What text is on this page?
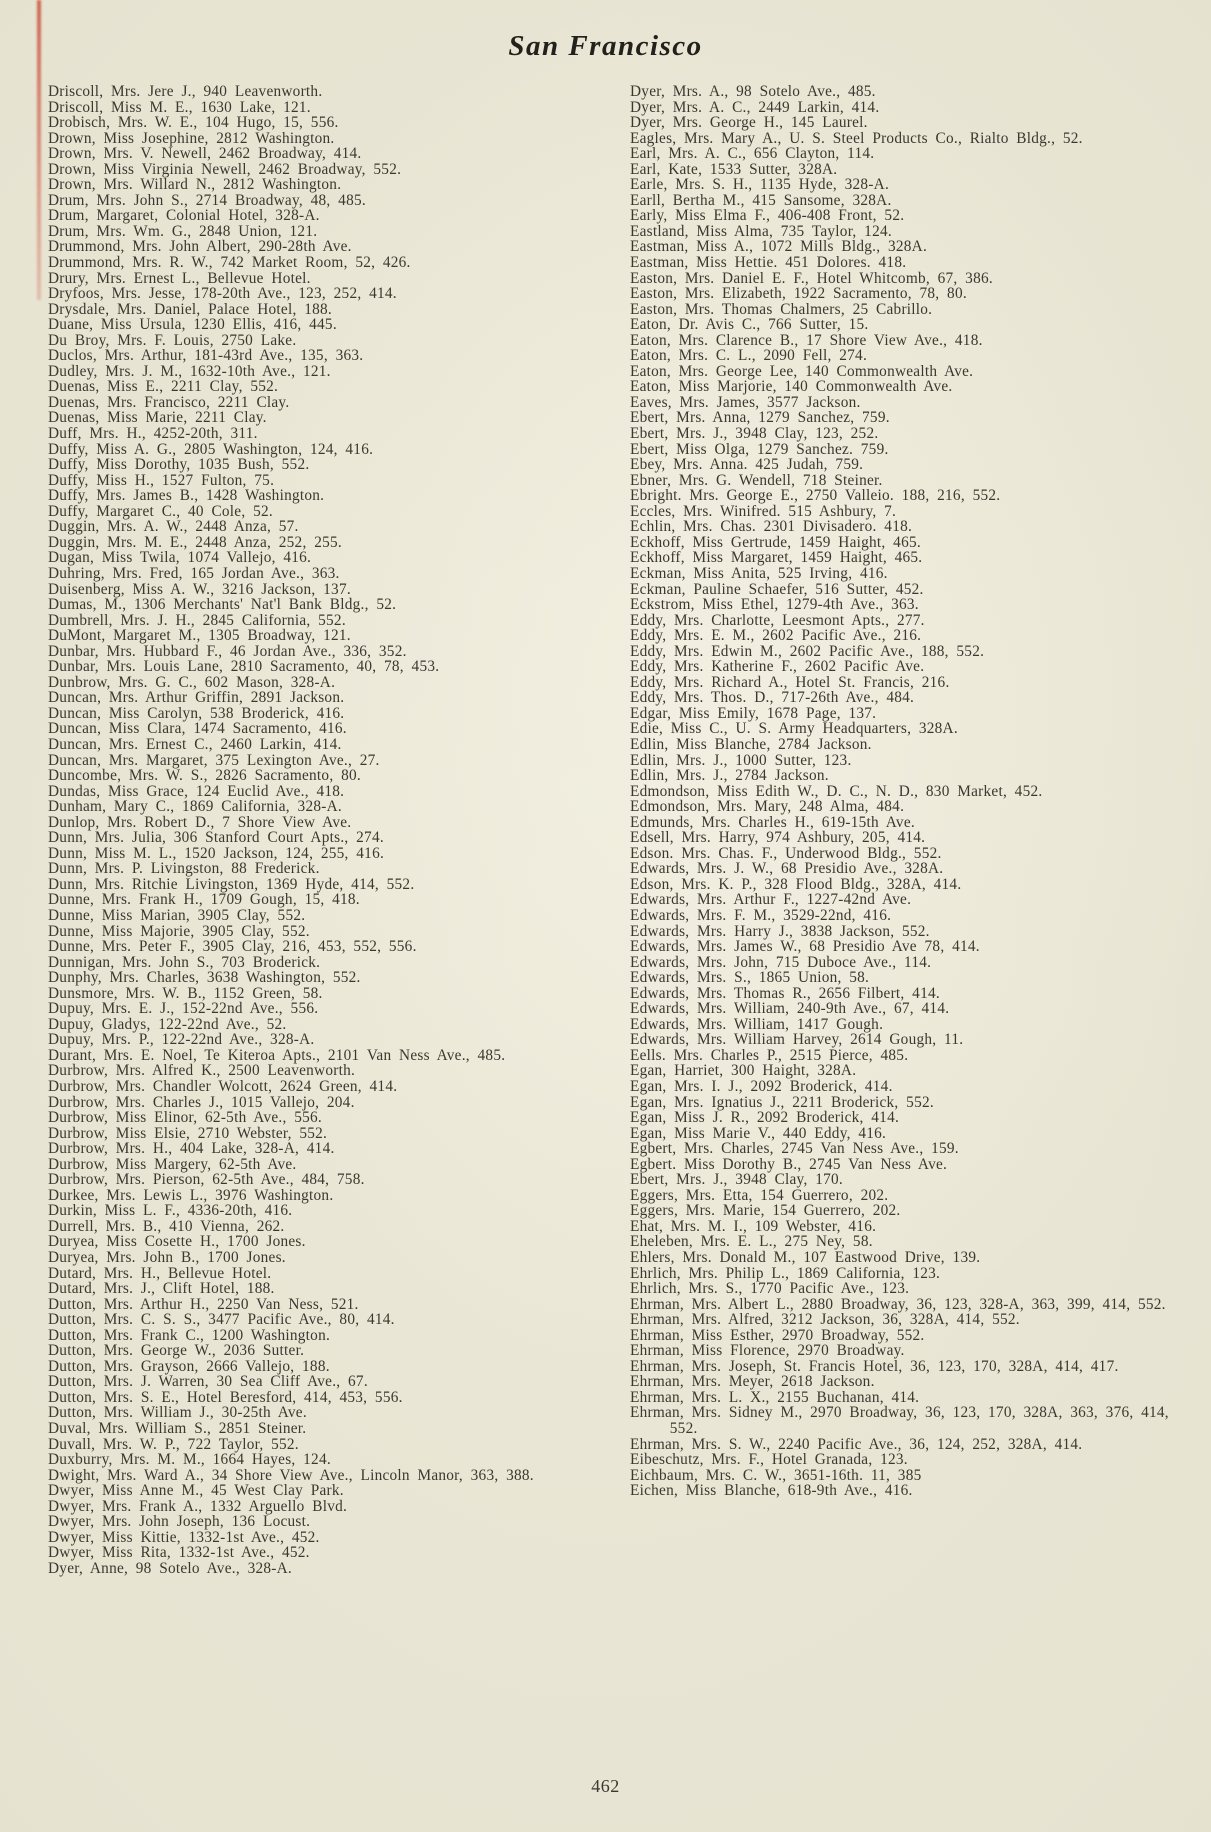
San Francisco

Driscoll, Mrs. Jere J., 940 Leavenworth.

Driscoll, Miss M. E., 1630 Lake, 121.

Drobisch, Mrs. W. E., 104 Hugo, 15, 556.

Drown, Miss Josephine, 2812 Washington.

Drown, Mrs. V. Newell, 2462 Broadway, 414.

Drown, Miss Virginia Newell, 2462 Broadway, 552.

Drown, Mrs. Willard N., 2812 Washington.

Drum, Mrs. John S., 2714 Broadway, 48, 485.

Drum, Margaret, Colonial Hotel, 328-A.

Drum, Mrs. Wm. G., 2848 Union, 121.

Drummond, Mrs. John Albert, 290-28th Ave.

Drummond, Mrs. R. W., 742 Market Room, 52, 426.

Drury, Mrs. Ernest L., Bellevue Hotel.

Dryfoos, Mrs. Jesse, 178-20th Ave., 123, 252, 414.

Drysdale, Mrs. Daniel, Palace Hotel, 188.

Duane, Miss Ursula, 1230 Ellis, 416, 445.

Du Broy, Mrs. F. Louis, 2750 Lake.

Duclos, Mrs. Arthur, 181-43rd Ave., 135, 363.

Dudley, Mrs. J. M., 1632-10th Ave., 121.

Duenas, Miss E., 2211 Clay, 552.

Duenas, Mrs. Francisco, 2211 Clay.

Duenas, Miss Marie, 2211 Clay.

Duff, Mrs. H., 4252-20th, 311.

Duffy, Miss A. G., 2805 Washington, 124, 416.

Duffy, Miss Dorothy, 1035 Bush, 552.

Duffy, Miss H., 1527 Fulton, 75.

Duffy, Mrs. James B., 1428 Washington.

Duffy, Margaret C., 40 Cole, 52.

Duggin, Mrs. A. W., 2448 Anza, 57.

Duggin, Mrs. M. E., 2448 Anza, 252, 255.

Dugan, Miss Twila, 1074 Vallejo, 416.

Duhring, Mrs. Fred, 165 Jordan Ave., 363.

Duisenberg, Miss A. W., 3216 Jackson, 137.

Dumas, M., 1306 Merchants' Nat'l Bank Bldg., 52.

Dumbrell, Mrs. J. H., 2845 California, 552.

DuMont, Margaret M., 1305 Broadway, 121.

Dunbar, Mrs. Hubbard F., 46 Jordan Ave., 336, 352.

Dunbar, Mrs. Louis Lane, 2810 Sacramento, 40, 78, 453.

Dunbrow, Mrs. G. C., 602 Mason, 328-A.

Duncan, Mrs. Arthur Griffin, 2891 Jackson.

Duncan, Miss Carolyn, 538 Broderick, 416.

Duncan, Miss Clara, 1474 Sacramento, 416.

Duncan, Mrs. Ernest C., 2460 Larkin, 414.

Duncan, Mrs. Margaret, 375 Lexington Ave., 27.

Duncombe, Mrs. W. S., 2826 Sacramento, 80.

Dundas, Miss Grace, 124 Euclid Ave., 418.

Dunham, Mary C., 1869 California, 328-A.

Dunlop, Mrs. Robert D., 7 Shore View Ave.

Dunn, Mrs. Julia, 306 Stanford Court Apts., 274.

Dunn, Miss M. L., 1520 Jackson, 124, 255, 416.

Dunn, Mrs. P. Livingston, 88 Frederick.

Dunn, Mrs. Ritchie Livingston, 1369 Hyde, 414, 552.

Dunne, Mrs. Frank H., 1709 Gough, 15, 418.

Dunne, Miss Marian, 3905 Clay, 552.

Dunne, Miss Majorie, 3905 Clay, 552.

Dunne, Mrs. Peter F., 3905 Clay, 216, 453, 552, 556.

Dunnigan, Mrs. John S., 703 Broderick.

Dunphy, Mrs. Charles, 3638 Washington, 552.

Dunsmore, Mrs. W. B., 1152 Green, 58.

Dupuy, Mrs. E. J., 152-22nd Ave., 556.

Dupuy, Gladys, 122-22nd Ave., 52.

Dupuy, Mrs. P., 122-22nd Ave., 328-A.

Durant, Mrs. E. Noel, Te Kiteroa Apts., 2101 Van Ness Ave., 485.

Durbrow, Mrs. Alfred K., 2500 Leavenworth.

Durbrow, Mrs. Chandler Wolcott, 2624 Green, 414.

Durbrow, Mrs. Charles J., 1015 Vallejo, 204.

Durbrow, Miss Elinor, 62-5th Ave., 556.

Durbrow, Miss Elsie, 2710 Webster, 552.

Durbrow, Mrs. H., 404 Lake, 328-A, 414.

Durbrow, Miss Margery, 62-5th Ave.

Durbrow, Mrs. Pierson, 62-5th Ave., 484, 758.

Durkee, Mrs. Lewis L., 3976 Washington.

Durkin, Miss L. F., 4336-20th, 416.

Durrell, Mrs. B., 410 Vienna, 262.

Duryea, Miss Cosette H., 1700 Jones.

Duryea, Mrs. John B., 1700 Jones.

Dutard, Mrs. H., Bellevue Hotel.

Dutard, Mrs. J., Clift Hotel, 188.

Dutton, Mrs. Arthur H., 2250 Van Ness, 521.

Dutton, Mrs. C. S. S., 3477 Pacific Ave., 80, 414.

Dutton, Mrs. Frank C., 1200 Washington.

Dutton, Mrs. George W., 2036 Sutter.

Dutton, Mrs. Grayson, 2666 Vallejo, 188.

Dutton, Mrs. J. Warren, 30 Sea Cliff Ave., 67.

Dutton, Mrs. S. E., Hotel Beresford, 414, 453, 556.

Dutton, Mrs. William J., 30-25th Ave.

Duval, Mrs. William S., 2851 Steiner.

Duvall, Mrs. W. P., 722 Taylor, 552.

Duxburry, Mrs. M. M., 1664 Hayes, 124.

Dwight, Mrs. Ward A., 34 Shore View Ave., Lincoln Manor, 363, 388.

Dwyer, Miss Anne M., 45 West Clay Park.

Dwyer, Mrs. Frank A., 1332 Arguello Blvd.

Dwyer, Mrs. John Joseph, 136 Locust.

Dwyer, Miss Kittie, 1332-1st Ave., 452.

Dwyer, Miss Rita, 1332-1st Ave., 452.

Dyer, Anne, 98 Sotelo Ave., 328-A.

Dyer, Mrs. A., 98 Sotelo Ave., 485.

Dyer, Mrs. A. C., 2449 Larkin, 414.

Dyer, Mrs. George H., 145 Laurel.

Eagles, Mrs. Mary A., U. S. Steel Products Co., Rialto Bldg., 52.

Earl, Mrs. A. C., 656 Clayton, 114.

Earl, Kate, 1533 Sutter, 328A.

Earle, Mrs. S. H., 1135 Hyde, 328-A.

Earll, Bertha M., 415 Sansome, 328A.

Early, Miss Elma F., 406-408 Front, 52.

Eastland, Miss Alma, 735 Taylor, 124.

Eastman, Miss A., 1072 Mills Bldg., 328A.

Eastman, Miss Hettie. 451 Dolores. 418.

Easton, Mrs. Daniel E. F., Hotel Whitcomb, 67, 386.

Easton, Mrs. Elizabeth, 1922 Sacramento, 78, 80.

Easton, Mrs. Thomas Chalmers, 25 Cabrillo.

Eaton, Dr. Avis C., 766 Sutter, 15.

Eaton, Mrs. Clarence B., 17 Shore View Ave., 418.

Eaton, Mrs. C. L., 2090 Fell, 274.

Eaton, Mrs. George Lee, 140 Commonwealth Ave.

Eaton, Miss Marjorie, 140 Commonwealth Ave.

Eaves, Mrs. James, 3577 Jackson.

Ebert, Mrs. Anna, 1279 Sanchez, 759.

Ebert, Mrs. J., 3948 Clay, 123, 252.

Ebert, Miss Olga, 1279 Sanchez. 759.

Ebey, Mrs. Anna. 425 Judah, 759.

Ebner, Mrs. G. Wendell, 718 Steiner.

Ebright. Mrs. George E., 2750 Valleio. 188, 216, 552.

Eccles, Mrs. Winifred. 515 Ashbury, 7.

Echlin, Mrs. Chas. 2301 Divisadero. 418.

Eckhoff, Miss Gertrude, 1459 Haight, 465.

Eckhoff, Miss Margaret, 1459 Haight, 465.

Eckman, Miss Anita, 525 Irving, 416.

Eckman, Pauline Schaefer, 516 Sutter, 452.

Eckstrom, Miss Ethel, 1279-4th Ave., 363.

Eddy, Mrs. Charlotte, Leesmont Apts., 277.

Eddy, Mrs. E. M., 2602 Pacific Ave., 216.

Eddy, Mrs. Edwin M., 2602 Pacific Ave., 188, 552.

Eddy, Mrs. Katherine F., 2602 Pacific Ave.

Eddy, Mrs. Richard A., Hotel St. Francis, 216.

Eddy, Mrs. Thos. D., 717-26th Ave., 484.

Edgar, Miss Emily, 1678 Page, 137.

Edie, Miss C., U. S. Army Headquarters, 328A.

Edlin, Miss Blanche, 2784 Jackson.

Edlin, Mrs. J., 1000 Sutter, 123.

Edlin, Mrs. J., 2784 Jackson.

Edmondson, Miss Edith W., D. C., N. D., 830 Market, 452.

Edmondson, Mrs. Mary, 248 Alma, 484.

Edmunds, Mrs. Charles H., 619-15th Ave.

Edsell, Mrs. Harry, 974 Ashbury, 205, 414.

Edson. Mrs. Chas. F., Underwood Bldg., 552.

Edwards, Mrs. J. W., 68 Presidio Ave., 328A.

Edson, Mrs. K. P., 328 Flood Bldg., 328A, 414.

Edwards, Mrs. Arthur F., 1227-42nd Ave.

Edwards, Mrs. F. M., 3529-22nd, 416.

Edwards, Mrs. Harry J., 3838 Jackson, 552.

Edwards, Mrs. James W., 68 Presidio Ave 78, 414.

Edwards, Mrs. John, 715 Duboce Ave., 114.

Edwards, Mrs. S., 1865 Union, 58.

Edwards, Mrs. Thomas R., 2656 Filbert, 414.

Edwards, Mrs. William, 240-9th Ave., 67, 414.

Edwards, Mrs. William, 1417 Gough.

Edwards, Mrs. William Harvey, 2614 Gough, 11.

Eells. Mrs. Charles P., 2515 Pierce, 485.

Egan, Harriet, 300 Haight, 328A.

Egan, Mrs. I. J., 2092 Broderick, 414.

Egan, Mrs. Ignatius J., 2211 Broderick, 552.

Egan, Miss J. R., 2092 Broderick, 414.

Egan, Miss Marie V., 440 Eddy, 416.

Egbert, Mrs. Charles, 2745 Van Ness Ave., 159.

Egbert. Miss Dorothy B., 2745 Van Ness Ave.

Ebert, Mrs. J., 3948 Clay, 170.

Eggers, Mrs. Etta, 154 Guerrero, 202.

Eggers, Mrs. Marie, 154 Guerrero, 202.

Ehat, Mrs. M. I., 109 Webster, 416.

Eheleben, Mrs. E. L., 275 Ney, 58.

Ehlers, Mrs. Donald M., 107 Eastwood Drive, 139.

Ehrlich, Mrs. Philip L., 1869 California, 123.

Ehrlich, Mrs. S., 1770 Pacific Ave., 123.

Ehrman, Mrs. Albert L., 2880 Broadway, 36, 123, 328-A, 363, 399, 414, 552.

Ehrman, Mrs. Alfred, 3212 Jackson, 36, 328A, 414, 552.

Ehrman, Miss Esther, 2970 Broadway, 552.

Ehrman, Miss Florence, 2970 Broadway.

Ehrman, Mrs. Joseph, St. Francis Hotel, 36, 123, 170, 328A, 414, 417.

Ehrman, Mrs. Meyer, 2618 Jackson.

Ehrman, Mrs. L. X., 2155 Buchanan, 414.

Ehrman, Mrs. Sidney M., 2970 Broadway, 36, 123, 170, 328A, 363, 376, 414, 552.

Ehrman, Mrs. S. W., 2240 Pacific Ave., 36, 124, 252, 328A, 414.

Eibeschutz, Mrs. F., Hotel Granada, 123.

Eichbaum, Mrs. C. W., 3651-16th. 11, 385

Eichen, Miss Blanche, 618-9th Ave., 416.

462
